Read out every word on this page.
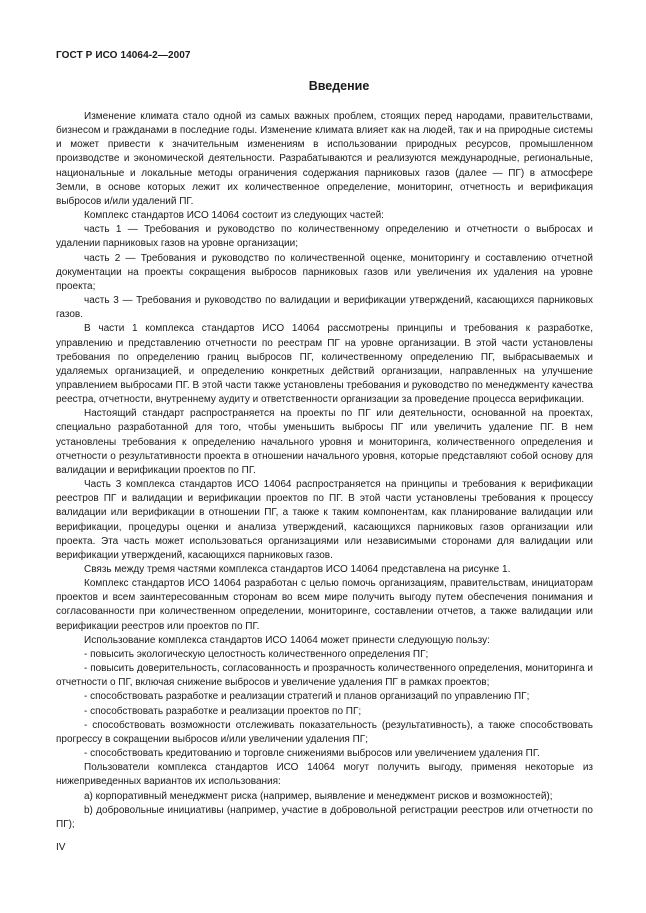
ГОСТ Р ИСО 14064-2—2007
Введение

Изменение климата стало одной из самых важных проблем, стоящих перед народами, правительствами, бизнесом и гражданами в последние годы. Изменение климата влияет как на людей, так и на природные системы и может привести к значительным изменениям в использовании природных ресурсов, промышленном производстве и экономической деятельности. Разрабатываются и реализуются международные, региональные, национальные и локальные методы ограничения содержания парниковых газов (далее — ПГ) в атмосфере Земли, в основе которых лежит их количественное определение, мониторинг, отчетность и верификация выбросов и/или удалений ПГ.

Комплекс стандартов ИСО 14064 состоит из следующих частей:

часть 1 — Требования и руководство по количественному определению и отчетности о выбросах и удалении парниковых газов на уровне организации;

часть 2 — Требования и руководство по количественной оценке, мониторингу и составлению отчетной документации на проекты сокращения выбросов парниковых газов или увеличения их удаления на уровне проекта;

часть 3 — Требования и руководство по валидации и верификации утверждений, касающихся парниковых газов.

В части 1 комплекса стандартов ИСО 14064 рассмотрены принципы и требования к разработке, управлению и представлению отчетности по реестрам ПГ на уровне организации. В этой части установлены требования по определению границ выбросов ПГ, количественному определению ПГ, выбрасываемых и удаляемых организацией, и определению конкретных действий организации, направленных на улучшение управлением выбросами ПГ. В этой части также установлены требования и руководство по менеджменту качества реестра, отчетности, внутреннему аудиту и ответственности организации за проведение процесса верификации.

Настоящий стандарт распространяется на проекты по ПГ или деятельности, основанной на проектах, специально разработанной для того, чтобы уменьшить выбросы ПГ или увеличить удаление ПГ. В нем установлены требования к определению начального уровня и мониторинга, количественного определения и отчетности о результативности проекта в отношении начального уровня, которые представляют собой основу для валидации и верификации проектов по ПГ.

Часть 3 комплекса стандартов ИСО 14064 распространяется на принципы и требования к верификации реестров ПГ и валидации и верификации проектов по ПГ. В этой части установлены требования к процессу валидации или верификации в отношении ПГ, а также к таким компонентам, как планирование валидации или верификации, процедуры оценки и анализа утверждений, касающихся парниковых газов организации или проекта. Эта часть может использоваться организациями или независимыми сторонами для валидации или верификации утверждений, касающихся парниковых газов.

Связь между тремя частями комплекса стандартов ИСО 14064 представлена на рисунке 1.

Комплекс стандартов ИСО 14064 разработан с целью помочь организациям, правительствам, инициаторам проектов и всем заинтересованным сторонам во всем мире получить выгоду путем обеспечения понимания и согласованности при количественном определении, мониторинге, составлении отчетов, а также валидации или верификации реестров или проектов по ПГ.

Использование комплекса стандартов ИСО 14064 может принести следующую пользу:

- повысить экологическую целостность количественного определения ПГ;

- повысить доверительность, согласованность и прозрачность количественного определения, мониторинга и отчетности о ПГ, включая снижение выбросов и увеличение удаления ПГ в рамках проектов;

- способствовать разработке и реализации стратегий и планов организаций по управлению ПГ;

- способствовать разработке и реализации проектов по ПГ;

- способствовать возможности отслеживать показательность (результативность), а также способствовать прогрессу в сокращении выбросов и/или увеличении удаления ПГ;

- способствовать кредитованию и торговле снижениями выбросов или увеличением удаления ПГ.

Пользователи комплекса стандартов ИСО 14064 могут получить выгоду, применяя некоторые из нижеприведенных вариантов их использования:

а) корпоративный менеджмент риска (например, выявление и менеджмент рисков и возможностей);

b) добровольные инициативы (например, участие в добровольной регистрации реестров или отчетности по ПГ);

IV
